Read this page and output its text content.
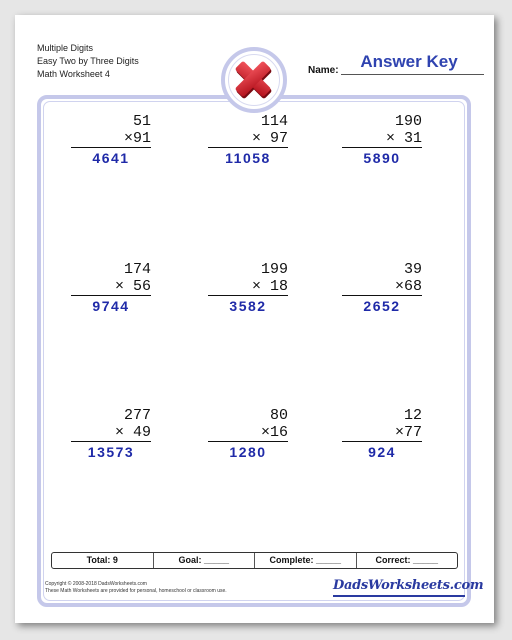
Multiple Digits
Easy Two by Three Digits
Math Worksheet 4	Name:	Answer Key
51
×91
4641
114
× 97
11058
190
× 31
5890
174
× 56
9744
199
× 18
3582
39
×68
2652
277
× 49
13573
80
×16
1280
12
×77
924
Total: 9	Goal: _____	Complete: _____	Correct: _____
Copyright © 2008-2018 DadsWorksheets.com
These Math Worksheets are provided for personal, homeschool or classroom use.	DadsWorksheets.com
